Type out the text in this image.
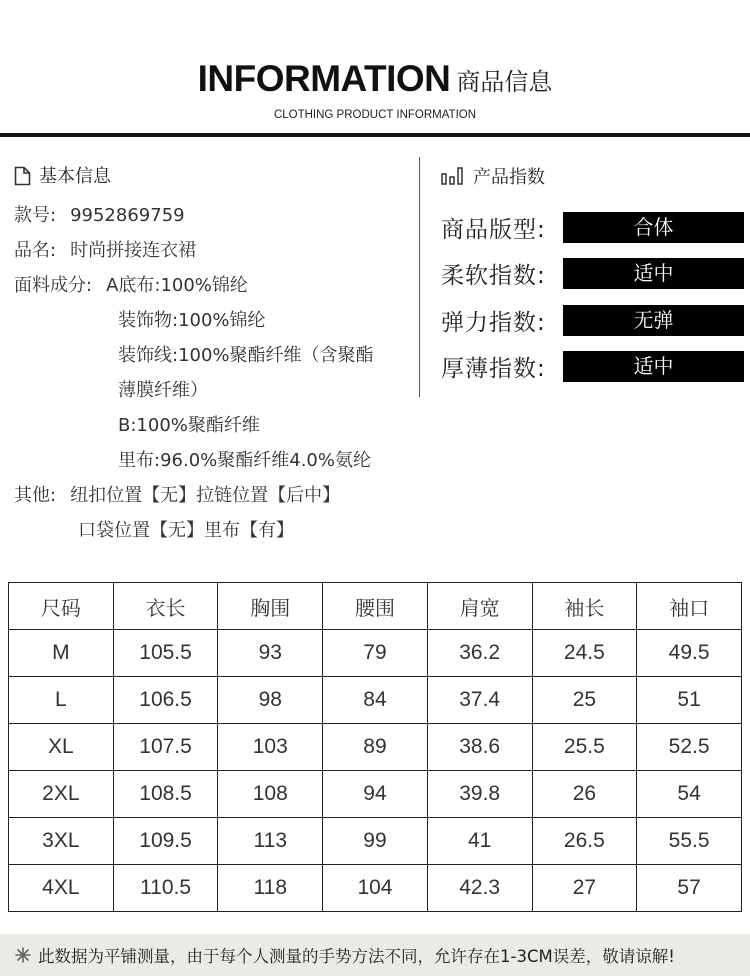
INFORMATION 商品信息
CLOTHING PRODUCT INFORMATION
基本信息
款号: 9952869759
品名: 时尚拼接连衣裙
面料成分: A底布:100%锦纶
装饰物:100%锦纶
装饰线:100%聚酯纤维（含聚酯
薄膜纤维）
B:100%聚酯纤维
里布:96.0%聚酯纤维4.0%氨纶
其他: 纽扣位置【无】拉链位置【后中】
口袋位置【无】里布【有】
产品指数
商品版型:	合体
柔软指数:	适中
弹力指数:	无弹
厚薄指数:	适中
尺码	衣长	胸围	腰围	肩宽	袖长	袖口
M	105.5	93	79	36.2	24.5	49.5
L	106.5	98	84	37.4	25	51
XL	107.5	103	89	38.6	25.5	52.5
2XL	108.5	108	94	39.8	26	54
3XL	109.5	113	99	41	26.5	55.5
4XL	110.5	118	104	42.3	27	57
此数据为平铺测量，由于每个人测量的手势方法不同，允许存在1-3CM误差，敬请谅解!
